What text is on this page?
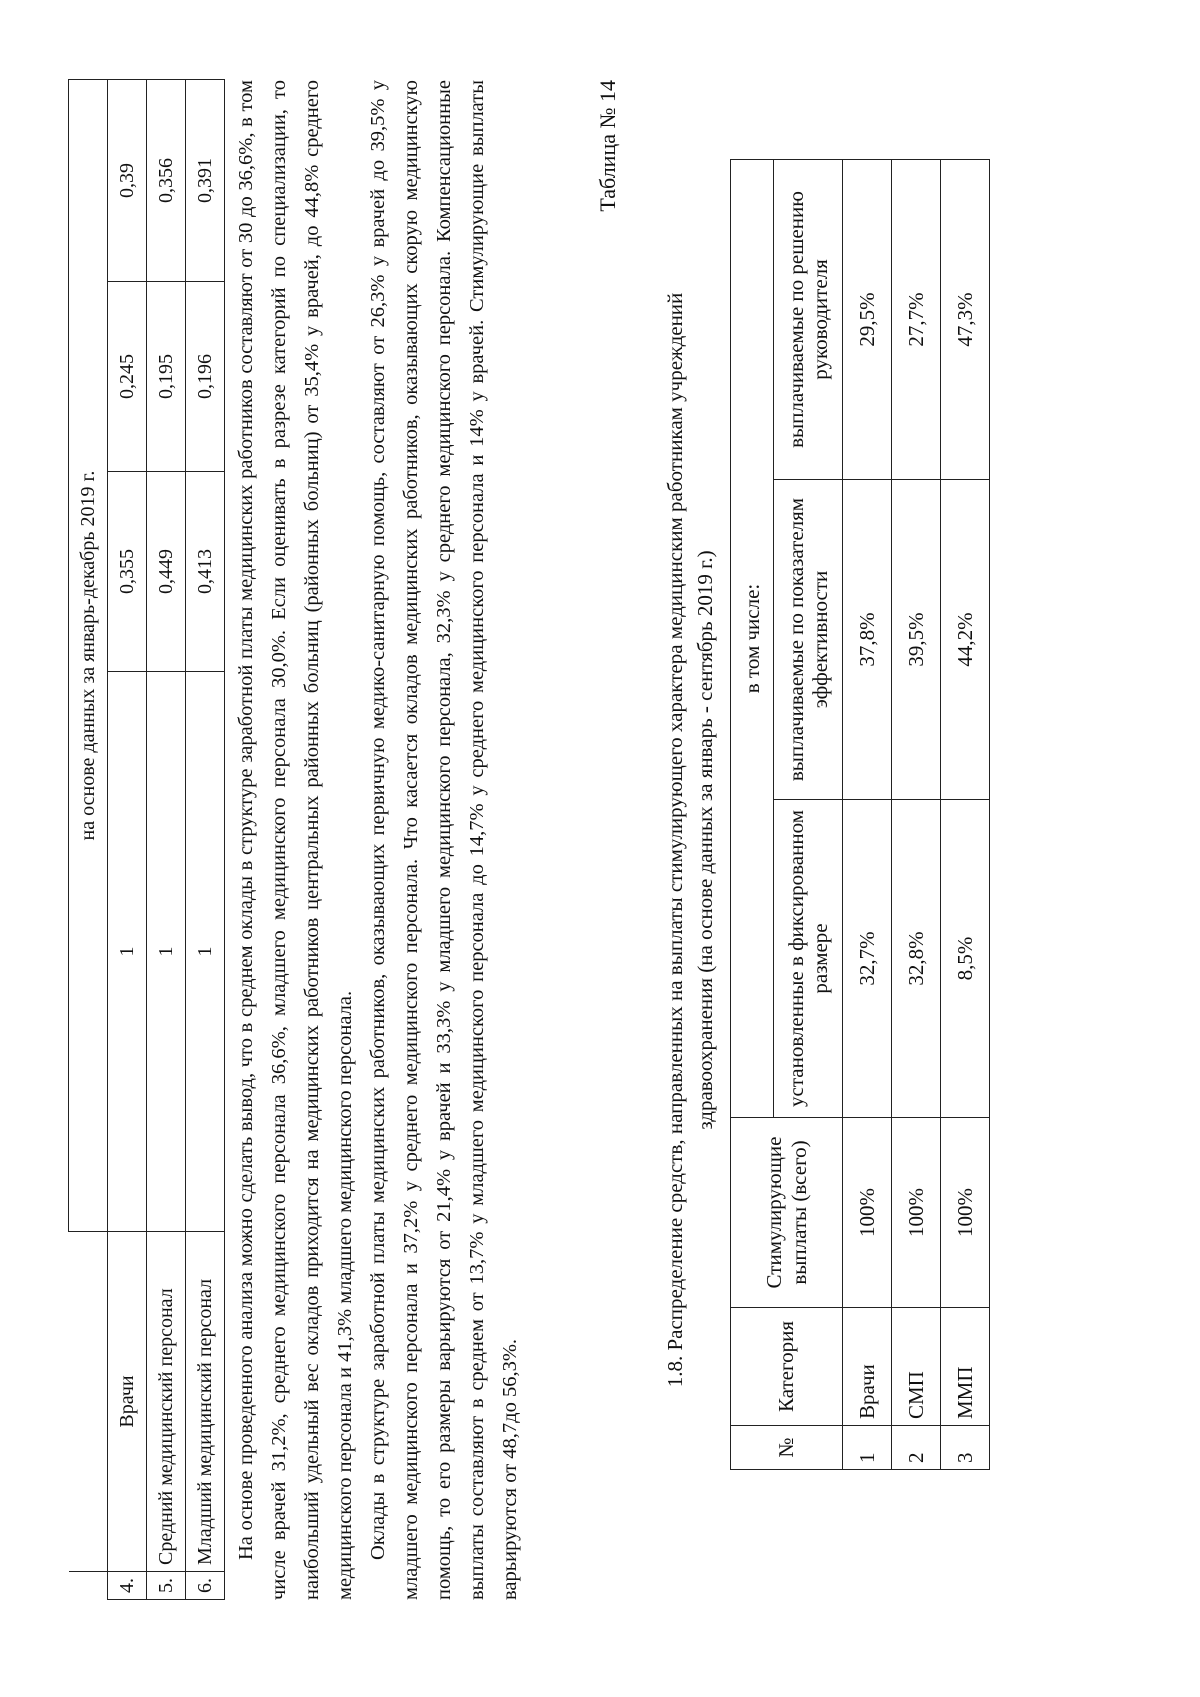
		на основе данных за январь-декабрь 2019 г.			
4.	Врачи	1	0,355	0,245	0,39
5.	Средний медицинский персонал	1	0,449	0,195	0,356
6.	Младший медицинский персонал	1	0,413	0,196	0,391 На основе проведенного анализа можно сделать вывод, что в среднем оклады в структуре заработной платы медицинских работников составляют от 30 до 36,6%, в том числе врачей 31,2%, среднего медицинского персонала 36,6%, младшего медицинского персонала 30,0%. Если оценивать в разрезе категорий по специализации, то наибольший удельный вес окладов приходится на медицинских работников центральных районных больниц (районных больниц) от 35,4% у врачей, до 44,8% среднего медицинского персонала и 41,3% младшего медицинского персонала. Оклады в структуре заработной платы медицинских работников, оказывающих первичную медико-санитарную помощь, составляют от 26,3% у врачей до 39,5% у младшего медицинского персонала и 37,2% у среднего медицинского персонала. Что касается окладов медицинских работников, оказывающих скорую медицинскую помощь, то его размеры варьируются от 21,4% у врачей и 33,3% у младшего медицинского персонала, 32,3% у среднего медицинского персонала. Компенсационные выплаты составляют в среднем от 13,7% у младшего медицинского персонала до 14,7% у среднего медицинского персонала и 14% у врачей. Стимулирующие выплаты варьируются от 48,7до 56,3%.

Таблица № 14
1.8. Распределение средств, направленных на выплаты стимулирующего характера медицинским работникам учреждений здравоохранения (на основе данных за январь - сентябрь 2019 г.)
№	Категория	Стимулирующие выплаты (всего)	в том числе:		
			установленные в фиксированном размере	выплачиваемые по показателям эффективности	выплачиваемые по решению руководителя
1	Врачи	100%	32,7%	37,8%	29,5%
2	СМП	100%	32,8%	39,5%	27,7%
3	ММП	100%	8,5%	44,2%	47,3%
